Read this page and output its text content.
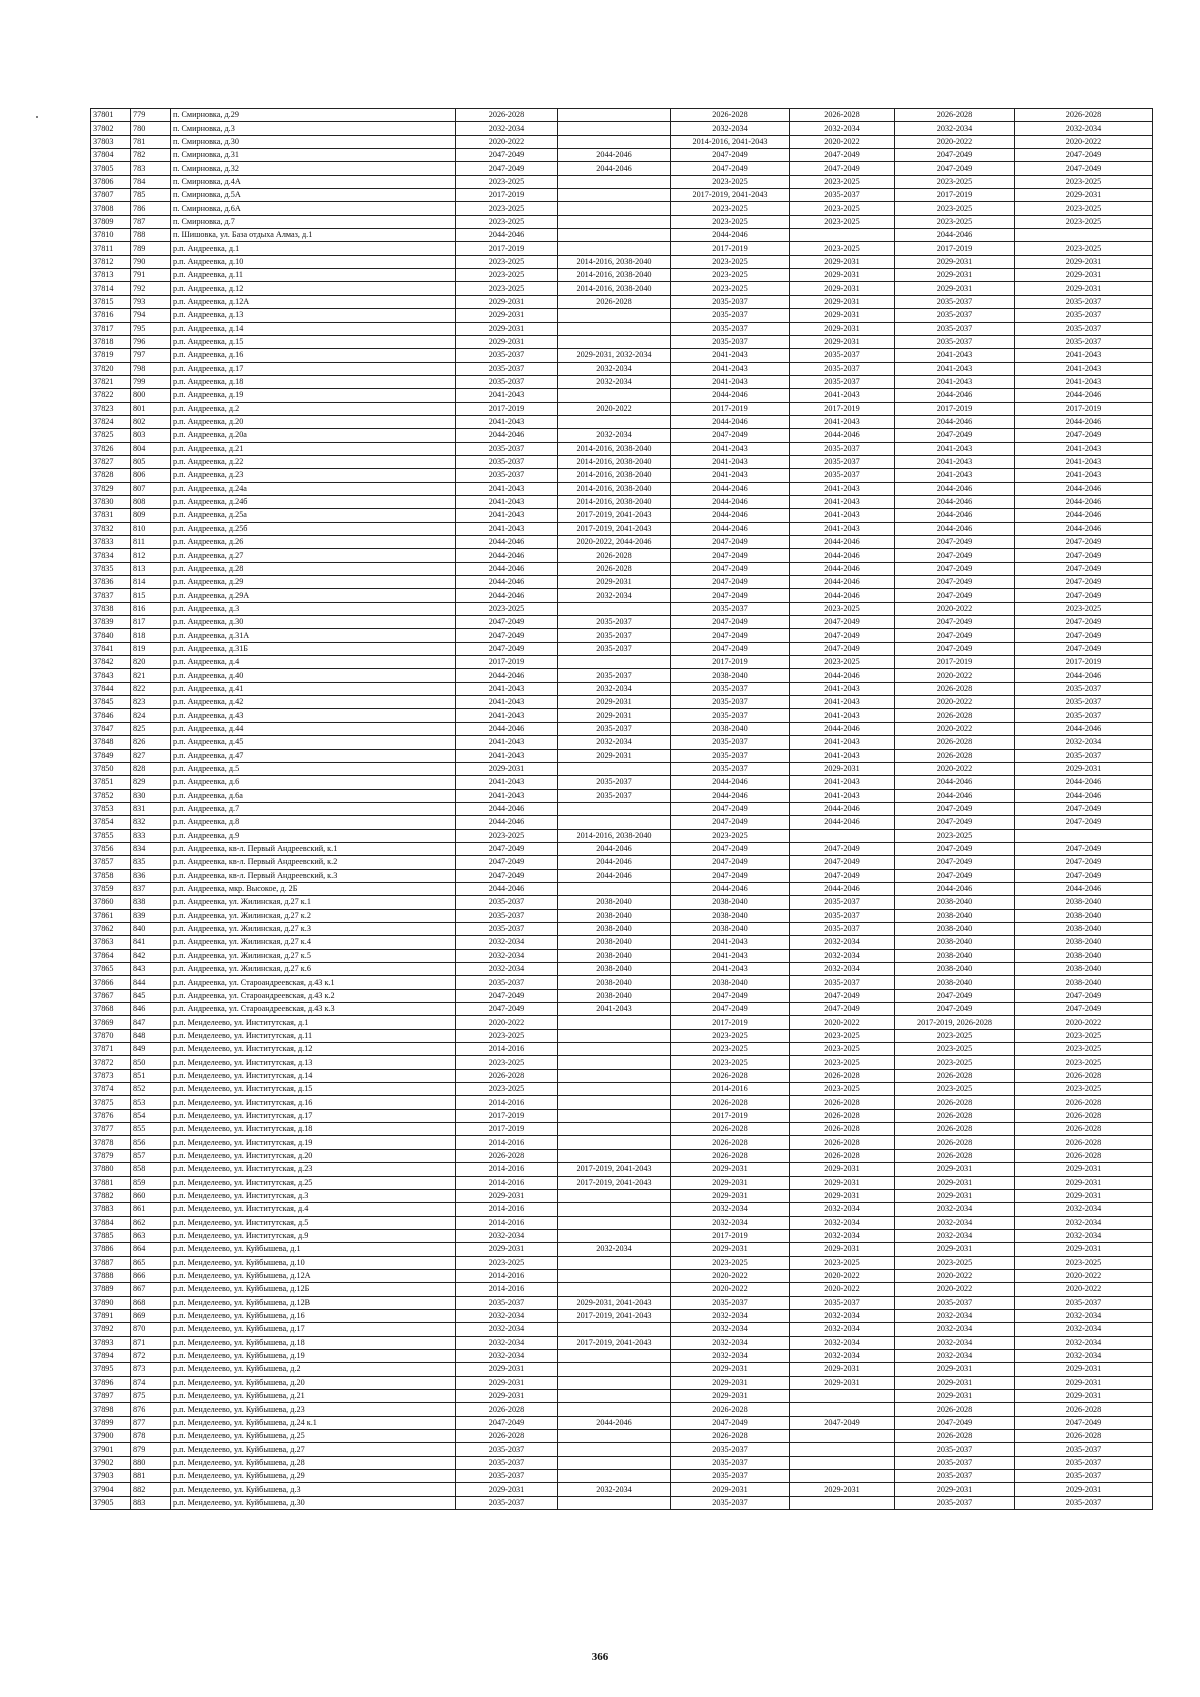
37801	779	п. Смирновка, д.29	2026-2028		2026-2028	2026-2028	2026-2028	2026-2028
37802	780	п. Смирновка, д.3	2032-2034		2032-2034	2032-2034	2032-2034	2032-2034
37803	781	п. Смирновка, д.30	2020-2022		2014-2016, 2041-2043	2020-2022	2020-2022	2020-2022
37804	782	п. Смирновка, д.31	2047-2049	2044-2046	2047-2049	2047-2049	2047-2049	2047-2049
37805	783	п. Смирновка, д.32	2047-2049	2044-2046	2047-2049	2047-2049	2047-2049	2047-2049
37806	784	п. Смирновка, д.4А	2023-2025		2023-2025	2023-2025	2023-2025	2023-2025
37807	785	п. Смирновка, д.5А	2017-2019		2017-2019, 2041-2043	2035-2037	2017-2019	2029-2031
37808	786	п. Смирновка, д.6А	2023-2025		2023-2025	2023-2025	2023-2025	2023-2025
37809	787	п. Смирновка, д.7	2023-2025		2023-2025	2023-2025	2023-2025	2023-2025
37810	788	п. Шишовка, ул. База отдыха Алмаз, д.1	2044-2046		2044-2046		2044-2046	
37811	789	р.п. Андреевка, д.1	2017-2019		2017-2019	2023-2025	2017-2019	2023-2025
37812	790	р.п. Андреевка, д.10	2023-2025	2014-2016, 2038-2040	2023-2025	2029-2031	2029-2031	2029-2031
37813	791	р.п. Андреевка, д.11	2023-2025	2014-2016, 2038-2040	2023-2025	2029-2031	2029-2031	2029-2031
37814	792	р.п. Андреевка, д.12	2023-2025	2014-2016, 2038-2040	2023-2025	2029-2031	2029-2031	2029-2031
37815	793	р.п. Андреевка, д.12А	2029-2031	2026-2028	2035-2037	2029-2031	2035-2037	2035-2037
37816	794	р.п. Андреевка, д.13	2029-2031		2035-2037	2029-2031	2035-2037	2035-2037
37817	795	р.п. Андреевка, д.14	2029-2031		2035-2037	2029-2031	2035-2037	2035-2037
37818	796	р.п. Андреевка, д.15	2029-2031		2035-2037	2029-2031	2035-2037	2035-2037
37819	797	р.п. Андреевка, д.16	2035-2037	2029-2031, 2032-2034	2041-2043	2035-2037	2041-2043	2041-2043
37820	798	р.п. Андреевка, д.17	2035-2037	2032-2034	2041-2043	2035-2037	2041-2043	2041-2043
37821	799	р.п. Андреевка, д.18	2035-2037	2032-2034	2041-2043	2035-2037	2041-2043	2041-2043
37822	800	р.п. Андреевка, д.19	2041-2043		2044-2046	2041-2043	2044-2046	2044-2046
37823	801	р.п. Андреевка, д.2	2017-2019	2020-2022	2017-2019	2017-2019	2017-2019	2017-2019
37824	802	р.п. Андреевка, д.20	2041-2043		2044-2046	2041-2043	2044-2046	2044-2046
37825	803	р.п. Андреевка, д.20а	2044-2046	2032-2034	2047-2049	2044-2046	2047-2049	2047-2049
37826	804	р.п. Андреевка, д.21	2035-2037	2014-2016, 2038-2040	2041-2043	2035-2037	2041-2043	2041-2043
37827	805	р.п. Андреевка, д.22	2035-2037	2014-2016, 2038-2040	2041-2043	2035-2037	2041-2043	2041-2043
37828	806	р.п. Андреевка, д.23	2035-2037	2014-2016, 2038-2040	2041-2043	2035-2037	2041-2043	2041-2043
37829	807	р.п. Андреевка, д.24а	2041-2043	2014-2016, 2038-2040	2044-2046	2041-2043	2044-2046	2044-2046
37830	808	р.п. Андреевка, д.24б	2041-2043	2014-2016, 2038-2040	2044-2046	2041-2043	2044-2046	2044-2046
37831	809	р.п. Андреевка, д.25а	2041-2043	2017-2019, 2041-2043	2044-2046	2041-2043	2044-2046	2044-2046
37832	810	р.п. Андреевка, д.25б	2041-2043	2017-2019, 2041-2043	2044-2046	2041-2043	2044-2046	2044-2046
37833	811	р.п. Андреевка, д.26	2044-2046	2020-2022, 2044-2046	2047-2049	2044-2046	2047-2049	2047-2049
37834	812	р.п. Андреевка, д.27	2044-2046	2026-2028	2047-2049	2044-2046	2047-2049	2047-2049
37835	813	р.п. Андреевка, д.28	2044-2046	2026-2028	2047-2049	2044-2046	2047-2049	2047-2049
37836	814	р.п. Андреевка, д.29	2044-2046	2029-2031	2047-2049	2044-2046	2047-2049	2047-2049
37837	815	р.п. Андреевка, д.29А	2044-2046	2032-2034	2047-2049	2044-2046	2047-2049	2047-2049
37838	816	р.п. Андреевка, д.3	2023-2025		2035-2037	2023-2025	2020-2022	2023-2025
37839	817	р.п. Андреевка, д.30	2047-2049	2035-2037	2047-2049	2047-2049	2047-2049	2047-2049
37840	818	р.п. Андреевка, д.31А	2047-2049	2035-2037	2047-2049	2047-2049	2047-2049	2047-2049
37841	819	р.п. Андреевка, д.31Б	2047-2049	2035-2037	2047-2049	2047-2049	2047-2049	2047-2049
37842	820	р.п. Андреевка, д.4	2017-2019		2017-2019	2023-2025	2017-2019	2017-2019
37843	821	р.п. Андреевка, д.40	2044-2046	2035-2037	2038-2040	2044-2046	2020-2022	2044-2046
37844	822	р.п. Андреевка, д.41	2041-2043	2032-2034	2035-2037	2041-2043	2026-2028	2035-2037
37845	823	р.п. Андреевка, д.42	2041-2043	2029-2031	2035-2037	2041-2043	2020-2022	2035-2037
37846	824	р.п. Андреевка, д.43	2041-2043	2029-2031	2035-2037	2041-2043	2026-2028	2035-2037
37847	825	р.п. Андреевка, д.44	2044-2046	2035-2037	2038-2040	2044-2046	2020-2022	2044-2046
37848	826	р.п. Андреевка, д.45	2041-2043	2032-2034	2035-2037	2041-2043	2026-2028	2032-2034
37849	827	р.п. Андреевка, д.47	2041-2043	2029-2031	2035-2037	2041-2043	2026-2028	2035-2037
37850	828	р.п. Андреевка, д.5	2029-2031		2035-2037	2029-2031	2020-2022	2029-2031
37851	829	р.п. Андреевка, д.6	2041-2043	2035-2037	2044-2046	2041-2043	2044-2046	2044-2046
37852	830	р.п. Андреевка, д.6а	2041-2043	2035-2037	2044-2046	2041-2043	2044-2046	2044-2046
37853	831	р.п. Андреевка, д.7	2044-2046		2047-2049	2044-2046	2047-2049	2047-2049
37854	832	р.п. Андреевка, д.8	2044-2046		2047-2049	2044-2046	2047-2049	2047-2049
37855	833	р.п. Андреевка, д.9	2023-2025	2014-2016, 2038-2040	2023-2025		2023-2025	
37856	834	р.п. Андреевка, кв-л. Первый Андреевский, к.1	2047-2049	2044-2046	2047-2049	2047-2049	2047-2049	2047-2049
37857	835	р.п. Андреевка, кв-л. Первый Андреевский, к.2	2047-2049	2044-2046	2047-2049	2047-2049	2047-2049	2047-2049
37858	836	р.п. Андреевка, кв-л. Первый Андреевский, к.3	2047-2049	2044-2046	2047-2049	2047-2049	2047-2049	2047-2049
37859	837	р.п. Андреевка, мкр. Высокое, д. 2Б	2044-2046		2044-2046	2044-2046	2044-2046	2044-2046
37860	838	р.п. Андреевка, ул. Жилинская, д.27 к.1	2035-2037	2038-2040	2038-2040	2035-2037	2038-2040	2038-2040
37861	839	р.п. Андреевка, ул. Жилинская, д.27 к.2	2035-2037	2038-2040	2038-2040	2035-2037	2038-2040	2038-2040
37862	840	р.п. Андреевка, ул. Жилинская, д.27 к.3	2035-2037	2038-2040	2038-2040	2035-2037	2038-2040	2038-2040
37863	841	р.п. Андреевка, ул. Жилинская, д.27 к.4	2032-2034	2038-2040	2041-2043	2032-2034	2038-2040	2038-2040
37864	842	р.п. Андреевка, ул. Жилинская, д.27 к.5	2032-2034	2038-2040	2041-2043	2032-2034	2038-2040	2038-2040
37865	843	р.п. Андреевка, ул. Жилинская, д.27 к.6	2032-2034	2038-2040	2041-2043	2032-2034	2038-2040	2038-2040
37866	844	р.п. Андреевка, ул. Староандреевская, д.43 к.1	2035-2037	2038-2040	2038-2040	2035-2037	2038-2040	2038-2040
37867	845	р.п. Андреевка, ул. Староандреевская, д.43 к.2	2047-2049	2038-2040	2047-2049	2047-2049	2047-2049	2047-2049
37868	846	р.п. Андреевка, ул. Староандреевская, д.43 к.3	2047-2049	2041-2043	2047-2049	2047-2049	2047-2049	2047-2049
37869	847	р.п. Менделеево, ул. Институтская, д.1	2020-2022		2017-2019	2020-2022	2017-2019, 2026-2028	2020-2022
37870	848	р.п. Менделеево, ул. Институтская, д.11	2023-2025		2023-2025	2023-2025	2023-2025	2023-2025
37871	849	р.п. Менделеево, ул. Институтская, д.12	2014-2016		2023-2025	2023-2025	2023-2025	2023-2025
37872	850	р.п. Менделеево, ул. Институтская, д.13	2023-2025		2023-2025	2023-2025	2023-2025	2023-2025
37873	851	р.п. Менделеево, ул. Институтская, д.14	2026-2028		2026-2028	2026-2028	2026-2028	2026-2028
37874	852	р.п. Менделеево, ул. Институтская, д.15	2023-2025		2014-2016	2023-2025	2023-2025	2023-2025
37875	853	р.п. Менделеево, ул. Институтская, д.16	2014-2016		2026-2028	2026-2028	2026-2028	2026-2028
37876	854	р.п. Менделеево, ул. Институтская, д.17	2017-2019		2017-2019	2026-2028	2026-2028	2026-2028
37877	855	р.п. Менделеево, ул. Институтская, д.18	2017-2019		2026-2028	2026-2028	2026-2028	2026-2028
37878	856	р.п. Менделеево, ул. Институтская, д.19	2014-2016		2026-2028	2026-2028	2026-2028	2026-2028
37879	857	р.п. Менделеево, ул. Институтская, д.20	2026-2028		2026-2028	2026-2028	2026-2028	2026-2028
37880	858	р.п. Менделеево, ул. Институтская, д.23	2014-2016	2017-2019, 2041-2043	2029-2031	2029-2031	2029-2031	2029-2031
37881	859	р.п. Менделеево, ул. Институтская, д.25	2014-2016	2017-2019, 2041-2043	2029-2031	2029-2031	2029-2031	2029-2031
37882	860	р.п. Менделеево, ул. Институтская, д.3	2029-2031		2029-2031	2029-2031	2029-2031	2029-2031
37883	861	р.п. Менделеево, ул. Институтская, д.4	2014-2016		2032-2034	2032-2034	2032-2034	2032-2034
37884	862	р.п. Менделеево, ул. Институтская, д.5	2014-2016		2032-2034	2032-2034	2032-2034	2032-2034
37885	863	р.п. Менделеево, ул. Институтская, д.9	2032-2034		2017-2019	2032-2034	2032-2034	2032-2034
37886	864	р.п. Менделеево, ул. Куйбышева, д.1	2029-2031	2032-2034	2029-2031	2029-2031	2029-2031	2029-2031
37887	865	р.п. Менделеево, ул. Куйбышева, д.10	2023-2025		2023-2025	2023-2025	2023-2025	2023-2025
37888	866	р.п. Менделеево, ул. Куйбышева, д.12А	2014-2016		2020-2022	2020-2022	2020-2022	2020-2022
37889	867	р.п. Менделеево, ул. Куйбышева, д.12Б	2014-2016		2020-2022	2020-2022	2020-2022	2020-2022
37890	868	р.п. Менделеево, ул. Куйбышева, д.12В	2035-2037	2029-2031, 2041-2043	2035-2037	2035-2037	2035-2037	2035-2037
37891	869	р.п. Менделеево, ул. Куйбышева, д.16	2032-2034	2017-2019, 2041-2043	2032-2034	2032-2034	2032-2034	2032-2034
37892	870	р.п. Менделеево, ул. Куйбышева, д.17	2032-2034		2032-2034	2032-2034	2032-2034	2032-2034
37893	871	р.п. Менделеево, ул. Куйбышева, д.18	2032-2034	2017-2019, 2041-2043	2032-2034	2032-2034	2032-2034	2032-2034
37894	872	р.п. Менделеево, ул. Куйбышева, д.19	2032-2034		2032-2034	2032-2034	2032-2034	2032-2034
37895	873	р.п. Менделеево, ул. Куйбышева, д.2	2029-2031		2029-2031	2029-2031	2029-2031	2029-2031
37896	874	р.п. Менделеево, ул. Куйбышева, д.20	2029-2031		2029-2031	2029-2031	2029-2031	2029-2031
37897	875	р.п. Менделеево, ул. Куйбышева, д.21	2029-2031		2029-2031		2029-2031	2029-2031
37898	876	р.п. Менделеево, ул. Куйбышева, д.23	2026-2028		2026-2028		2026-2028	2026-2028
37899	877	р.п. Менделеево, ул. Куйбышева, д.24 к.1	2047-2049	2044-2046	2047-2049	2047-2049	2047-2049	2047-2049
37900	878	р.п. Менделеево, ул. Куйбышева, д.25	2026-2028		2026-2028		2026-2028	2026-2028
37901	879	р.п. Менделеево, ул. Куйбышева, д.27	2035-2037		2035-2037		2035-2037	2035-2037
37902	880	р.п. Менделеево, ул. Куйбышева, д.28	2035-2037		2035-2037		2035-2037	2035-2037
37903	881	р.п. Менделеево, ул. Куйбышева, д.29	2035-2037		2035-2037		2035-2037	2035-2037
37904	882	р.п. Менделеево, ул. Куйбышева, д.3	2029-2031	2032-2034	2029-2031	2029-2031	2029-2031	2029-2031
37905	883	р.п. Менделеево, ул. Куйбышева, д.30	2035-2037		2035-2037		2035-2037	2035-2037
366
